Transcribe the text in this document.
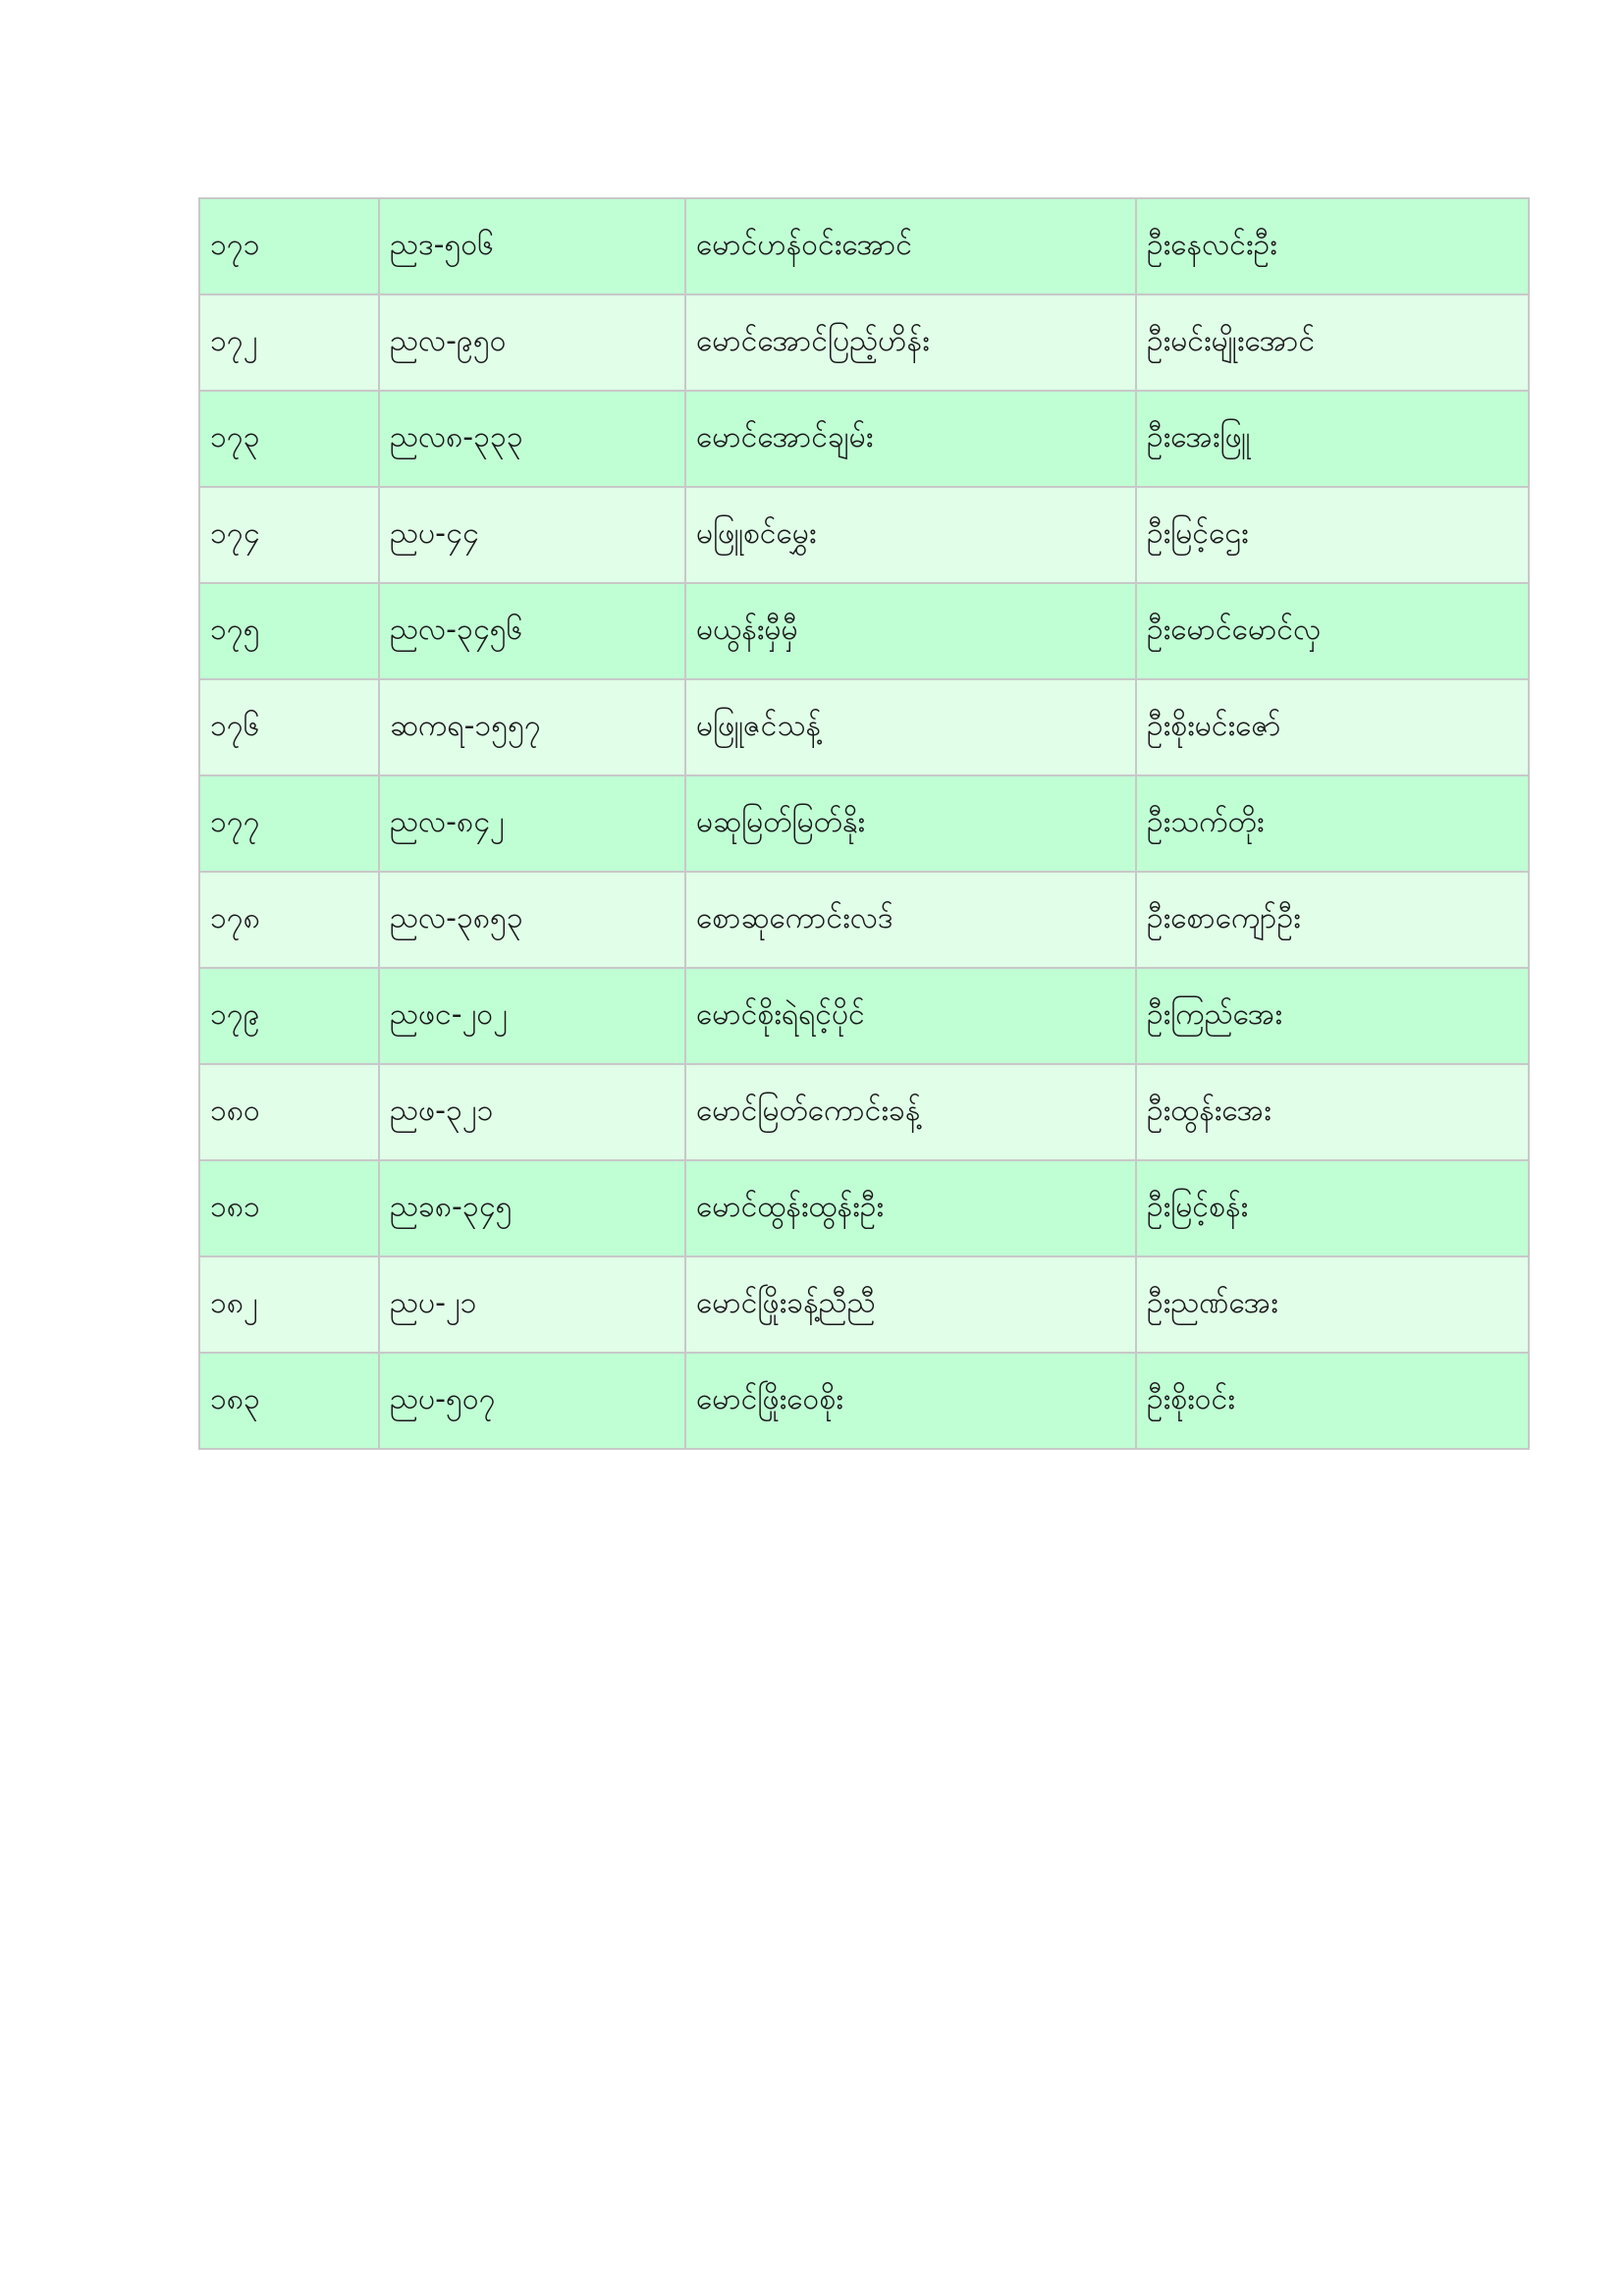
၁၇၁	ညဒ-၅၀၆	မောင်ဟန်ဝင်းအောင်	ဦးနေလင်းဦး
၁၇၂	ညလ-၉၅၀	မောင်အောင်ပြည့်ဟိန်း	ဦးမင်းမျိုးအောင်
၁၇၃	ညလ၈-၃၃၃	မောင်အောင်ချမ်း	ဦးအေးဖြူ
၁၇၄	ညပ-၄၄	မဖြူစင်မွှေး	ဦးမြင့်ဌေး
၁၇၅	ညလ-၃၄၅၆	မယွန်းမှီမှီ	ဦးမောင်မောင်လှ
၁၇၆	ဆကရ-၁၅၅၇	မဖြူဇင်သန့်	ဦးစိုးမင်းဇော်
၁၇၇	ညလ-၈၄၂	မဆုမြတ်မြတ်နိုး	ဦးသက်တိုး
၁၇၈	ညလ-၃၈၅၃	စောဆုကောင်းလဒ်	ဦးစောကျော်ဦး
၁၇၉	ညဖင-၂၀၂	မောင်စိုးရဲရင့်ပိုင်	ဦးကြည်အေး
၁၈၀	ညဖ-၃၂၁	မောင်မြတ်ကောင်းခန့်	ဦးထွန်းအေး
၁၈၁	ညခ၈-၃၄၅	မောင်ထွန်းထွန်းဦး	ဦးမြင့်စန်း
၁၈၂	ညပ-၂၁	မောင်ဖြိုးခန့်ညီညီ	ဦးညဏ်အေး
၁၈၃	ညပ-၅၀၇	မောင်ဖြိုးဝေစိုး	ဦးစိုးဝင်း
